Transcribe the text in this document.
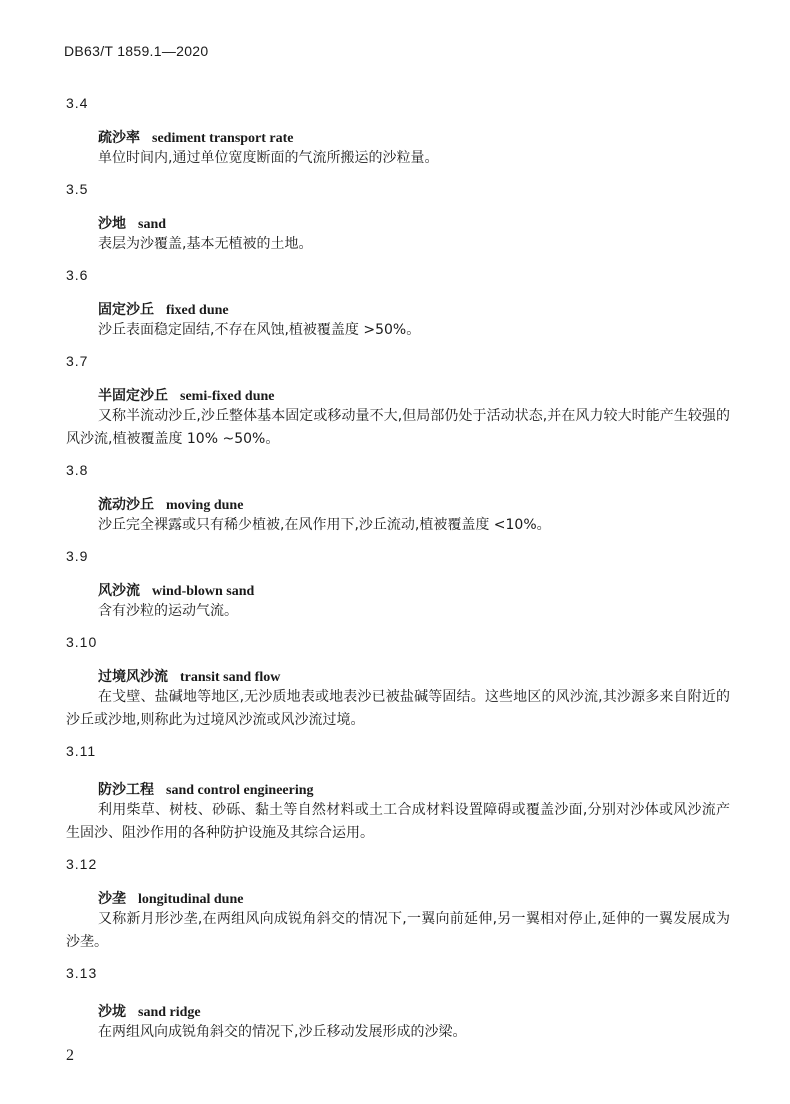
DB63/T 1859.1—2020
3.4
疏沙率 sediment transport rate
单位时间内,通过单位宽度断面的气流所搬运的沙粒量。
3.5
沙地 sand
表层为沙覆盖,基本无植被的土地。
3.6
固定沙丘 fixed dune
沙丘表面稳定固结,不存在风蚀,植被覆盖度 >50%。
3.7
半固定沙丘 semi-fixed dune
又称半流动沙丘,沙丘整体基本固定或移动量不大,但局部仍处于活动状态,并在风力较大时能产生较强的风沙流,植被覆盖度 10% ~50%。
3.8
流动沙丘 moving dune
沙丘完全裸露或只有稀少植被,在风作用下,沙丘流动,植被覆盖度 <10%。
3.9
风沙流 wind-blown sand
含有沙粒的运动气流。
3.10
过境风沙流 transit sand flow
在戈壁、盐碱地等地区,无沙质地表或地表沙已被盐碱等固结。这些地区的风沙流,其沙源多来自附近的沙丘或沙地,则称此为过境风沙流或风沙流过境。
3.11
防沙工程 sand control engineering
利用柴草、树枝、砂砾、黏土等自然材料或土工合成材料设置障碍或覆盖沙面,分别对沙体或风沙流产生固沙、阻沙作用的各种防护设施及其综合运用。
3.12
沙垄 longitudinal dune
又称新月形沙垄,在两组风向成锐角斜交的情况下,一翼向前延伸,另一翼相对停止,延伸的一翼发展成为沙垄。
3.13
沙垅 sand ridge
在两组风向成锐角斜交的情况下,沙丘移动发展形成的沙梁。
2
